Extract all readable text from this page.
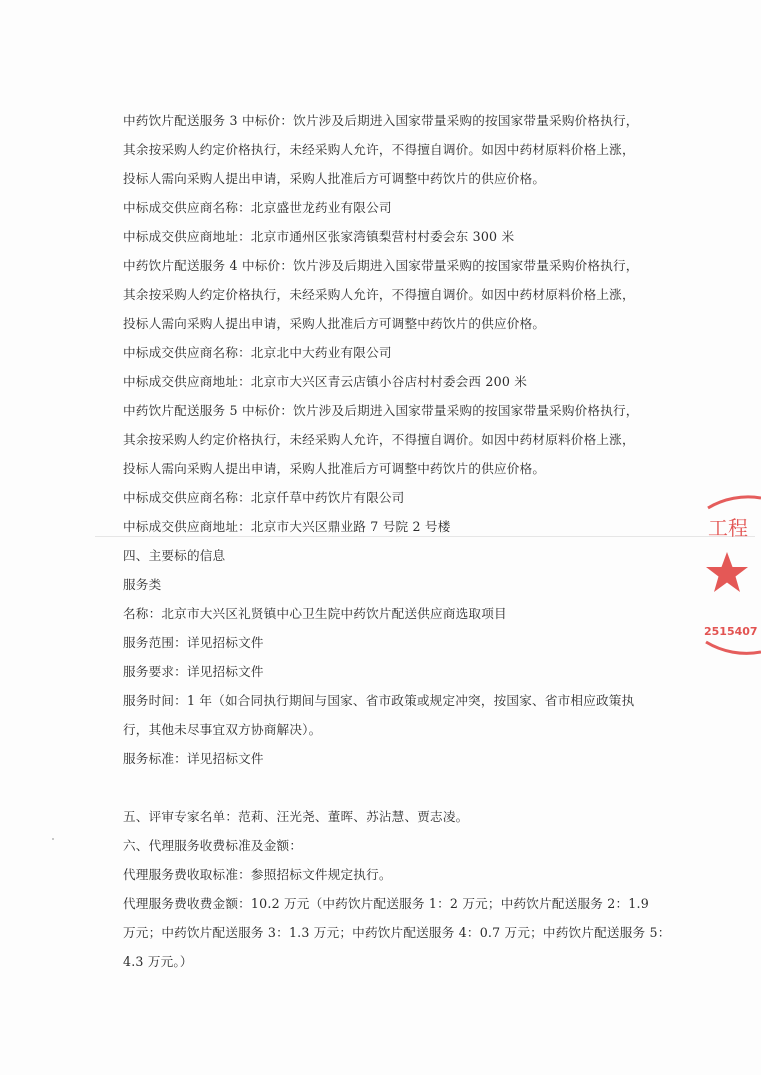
中药饮片配送服务 3 中标价：饮片涉及后期进入国家带量采购的按国家带量采购价格执行，
其余按采购人约定价格执行，未经采购人允许，不得擅自调价。如因中药材原料价格上涨，
投标人需向采购人提出申请，采购人批准后方可调整中药饮片的供应价格。
中标成交供应商名称：北京盛世龙药业有限公司
中标成交供应商地址：北京市通州区张家湾镇梨营村村委会东 300 米
中药饮片配送服务 4 中标价：饮片涉及后期进入国家带量采购的按国家带量采购价格执行，
其余按采购人约定价格执行，未经采购人允许，不得擅自调价。如因中药材原料价格上涨，
投标人需向采购人提出申请，采购人批准后方可调整中药饮片的供应价格。
中标成交供应商名称：北京北中大药业有限公司
中标成交供应商地址：北京市大兴区青云店镇小谷店村村委会西 200 米
中药饮片配送服务 5 中标价：饮片涉及后期进入国家带量采购的按国家带量采购价格执行，
其余按采购人约定价格执行，未经采购人允许，不得擅自调价。如因中药材原料价格上涨，
投标人需向采购人提出申请，采购人批准后方可调整中药饮片的供应价格。
中标成交供应商名称：北京仟草中药饮片有限公司
中标成交供应商地址：北京市大兴区鼎业路 7 号院 2 号楼
四、主要标的信息
服务类
名称：北京市大兴区礼贤镇中心卫生院中药饮片配送供应商选取项目
服务范围：详见招标文件
服务要求：详见招标文件
服务时间：1 年（如合同执行期间与国家、省市政策或规定冲突，按国家、省市相应政策执
行，其他未尽事宜双方协商解决）。
服务标准：详见招标文件
五、评审专家名单：范莉、汪光尧、董晖、苏沾慧、贾志凌。
六、代理服务收费标准及金额：
代理服务费收取标准：参照招标文件规定执行。
代理服务费收费金额：10.2 万元（中药饮片配送服务 1：2 万元；中药饮片配送服务 2：1.9
万元；中药饮片配送服务 3：1.3 万元；中药饮片配送服务 4：0.7 万元；中药饮片配送服务 5：
4.3 万元。）
工程
2515407
